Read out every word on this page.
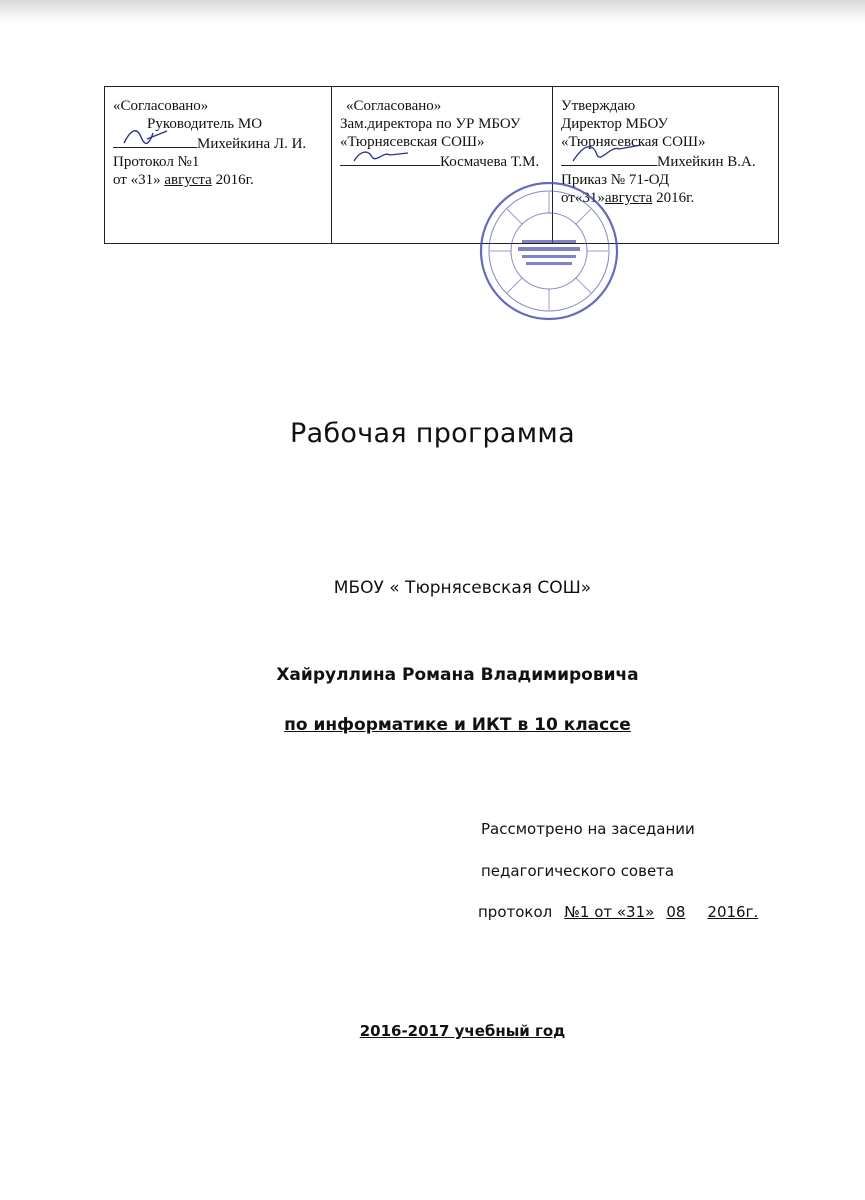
«Согласовано»
Руководитель МО
Михейкина Л. И.
Протокол №1
от «31» августа 2016г.
«Согласовано»
Зам.директора по УР МБОУ
«Тюрнясевская СОШ»
Космачева Т.М.
Утверждаю
Директор МБОУ
«Тюрнясевская СОШ»
Михейкин В.А.
Приказ № 71-ОД
от«31»августа 2016г.
Рабочая программа
МБОУ « Тюрнясевская СОШ»
Хайруллина Романа Владимировича
по информатике и ИКТ в 10 классе
Рассмотрено на заседании
педагогического совета
протокол №1 от «31» 08 2016г.
2016-2017 учебный год
